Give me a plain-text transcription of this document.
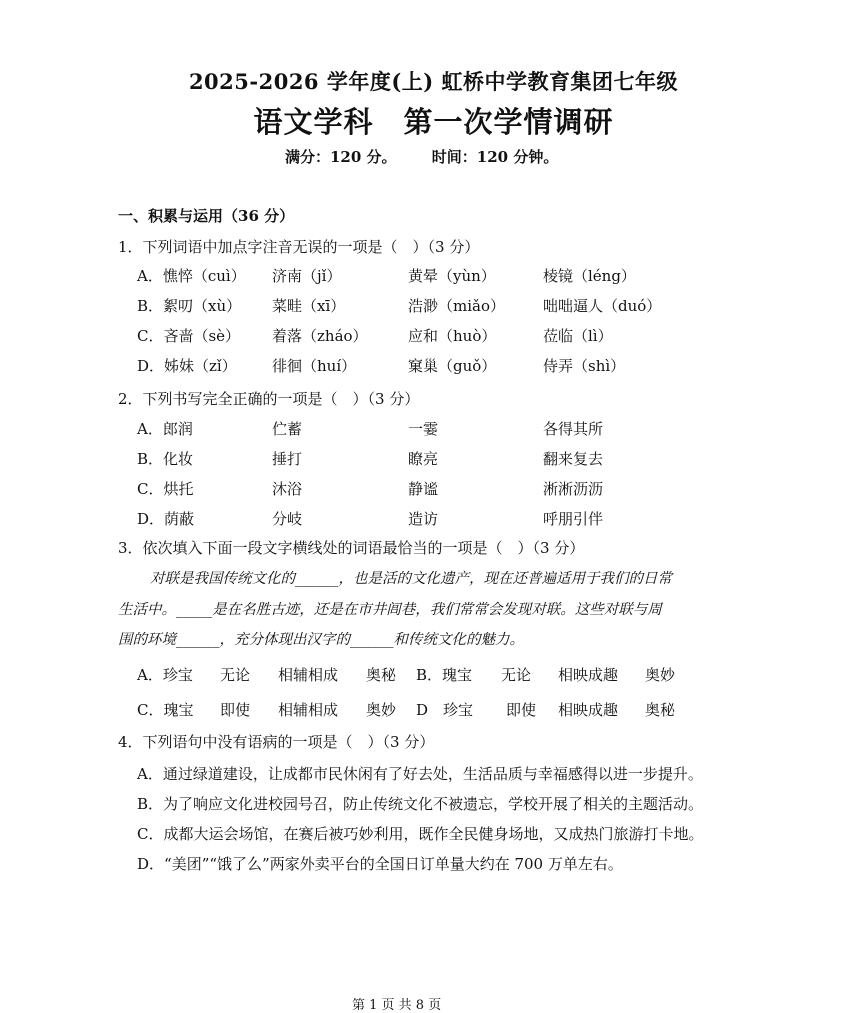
2025-2026 学年度(上) 虹桥中学教育集团七年级
语文学科　第一次学情调研
满分：120 分。 时间：120 分钟。
一、积累与运用（36 分）
1．下列词语中加点字注音无误的一项是（　）（3 分）
A．憔悴（cuì） 济南（jǐ）	黄晕（yùn）	棱镜（léng）
B．絮叨（xù） 菜畦（xī）	浩渺（miǎo）	咄咄逼人（duó）
C．吝啬（sè） 着落（zháo）	应和（huò）	莅临（lì）
D．姊妹（zǐ） 徘徊（huí）	窠巢（guǒ）	侍弄（shì）
2．下列书写完全正确的一项是（　）（3 分）
A．郎润	伫蓄	一霎	各得其所
B．化妆	捶打	瞭亮	翻来复去
C．烘托	沐浴	静谧	淅淅沥沥
D．荫蔽	分岐	造访	呼朋引伴
3．依次填入下面一段文字横线处的词语最恰当的一项是（　）（3 分）
对联是我国传统文化的______，也是活的文化遗产，现在还普遍适用于我们的日常
生活中。_____是在名胜古迹，还是在市井闾巷，我们常常会发现对联。这些对联与周
围的环境______，充分体现出汉字的______和传统文化的魅力。
A．珍宝 无论 相辅相成 奥秘 B．瑰宝 无论 相映成趣 奥妙
C．瑰宝 即使 相辅相成 奥妙 D　珍宝 即使 相映成趣 奥秘
4．下列语句中没有语病的一项是（　）（3 分）
A．通过绿道建设，让成都市民休闲有了好去处，生活品质与幸福感得以进一步提升。
B．为了响应文化进校园号召，防止传统文化不被遗忘，学校开展了相关的主题活动。
C．成都大运会场馆，在赛后被巧妙利用，既作全民健身场地，又成热门旅游打卡地。
D．“美团”“饿了么”两家外卖平台的全国日订单量大约在 700 万单左右。
第 1 页 共 8 页
